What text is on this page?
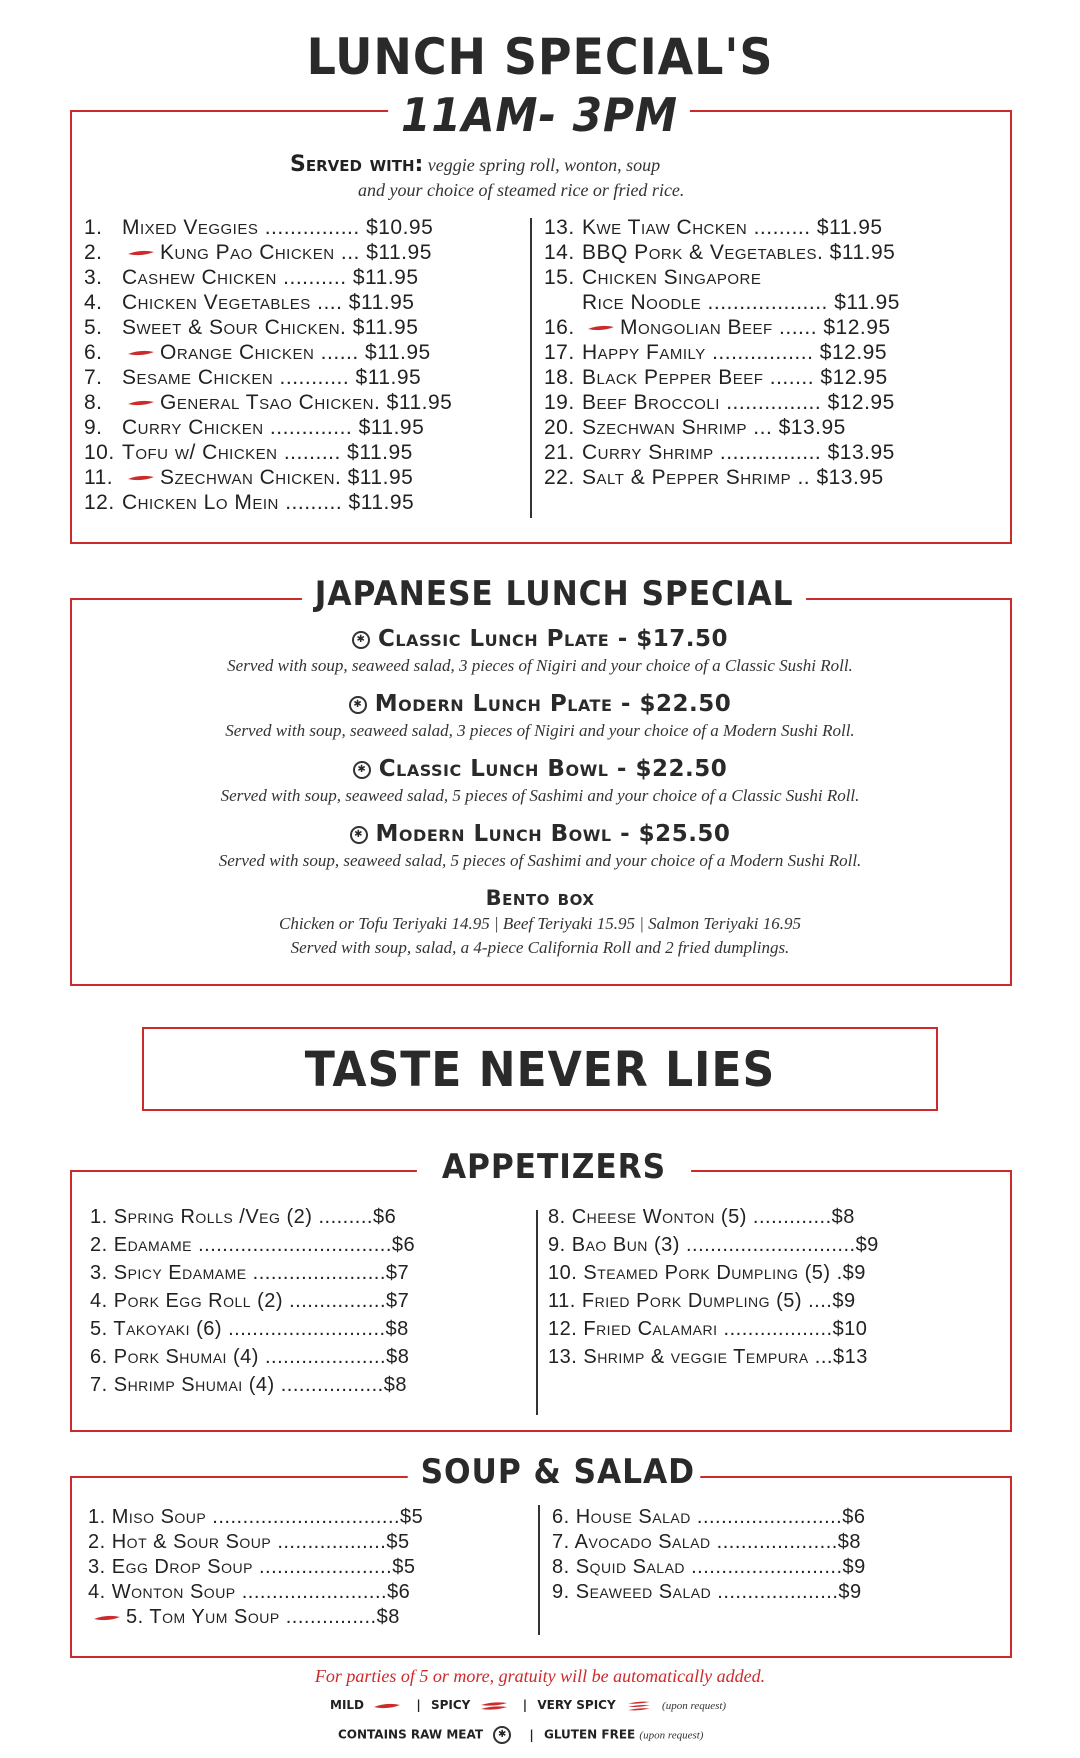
LUNCH SPECIAL'S
11AM- 3PM
Served with: veggie spring roll, wonton, soup
and your choice of steamed rice or fried rice.
1. Mixed Veggies ............... $10.95
2.	Kung Pao Chicken ... $11.95
3. Cashew Chicken .......... $11.95
4. Chicken Vegetables .... $11.95
5. Sweet & Sour Chicken. $11.95
6.	Orange Chicken ...... $11.95
7. Sesame Chicken ........... $11.95
8.	General Tsao Chicken. $11.95
9. Curry Chicken ............. $11.95
10. Tofu w/ Chicken ......... $11.95
11. Szechwan Chicken. $11.95
12. Chicken Lo Mein ......... $11.95
13. Kwe Tiaw Chcken ......... $11.95
14. BBQ Pork & Vegetables. $11.95
15. Chicken Singapore
Rice Noodle ................... $11.95
16. Mongolian Beef ...... $12.95
17. Happy Family ................ $12.95
18. Black Pepper Beef ....... $12.95
19. Beef Broccoli ............... $12.95
20. Szechwan Shrimp ... $13.95
21. Curry Shrimp ................ $13.95
22. Salt & Pepper Shrimp .. $13.95
JAPANESE LUNCH SPECIAL
✱ Classic Lunch Plate - $17.50
Served with soup, seaweed salad, 3 pieces of Nigiri and your choice of a Classic Sushi Roll.
✱ Modern Lunch Plate - $22.50
Served with soup, seaweed salad, 3 pieces of Nigiri and your choice of a Modern Sushi Roll.
✱ Classic Lunch Bowl - $22.50
Served with soup, seaweed salad, 5 pieces of Sashimi and your choice of a Classic Sushi Roll.
✱ Modern Lunch Bowl - $25.50
Served with soup, seaweed salad, 5 pieces of Sashimi and your choice of a Modern Sushi Roll.
Bento box
Chicken or Tofu Teriyaki 14.95 | Beef Teriyaki 15.95 | Salmon Teriyaki 16.95
Served with soup, salad, a 4-piece California Roll and 2 fried dumplings.
TASTE NEVER LIES
APPETIZERS
1. Spring Rolls /Veg (2) .........$6
2. Edamame ................................$6
3. Spicy Edamame ......................$7
4. Pork Egg Roll (2) ................$7
5. Takoyaki (6) ..........................$8
6. Pork Shumai (4) ....................$8
7. Shrimp Shumai (4) .................$8
8. Cheese Wonton (5) .............$8
9. Bao Bun (3) ............................$9
10. Steamed Pork Dumpling (5) .$9
11. Fried Pork Dumpling (5) ....$9
12. Fried Calamari ..................$10
13. Shrimp & veggie Tempura ...$13
SOUP & SALAD
1. Miso Soup ...............................$5
2. Hot & Sour Soup ..................$5
3. Egg Drop Soup ......................$5
4. Wonton Soup ........................$6
5. Tom Yum Soup ...............$8
6. House Salad ........................$6
7. Avocado Salad ....................$8
8. Squid Salad .........................$9
9. Seaweed Salad ....................$9
For parties of 5 or more, gratuity will be automatically added.
MILD	| SPICY	| VERY SPICY	(upon request)
CONTAINS RAW MEAT ✱ | GLUTEN FREE (upon request)
